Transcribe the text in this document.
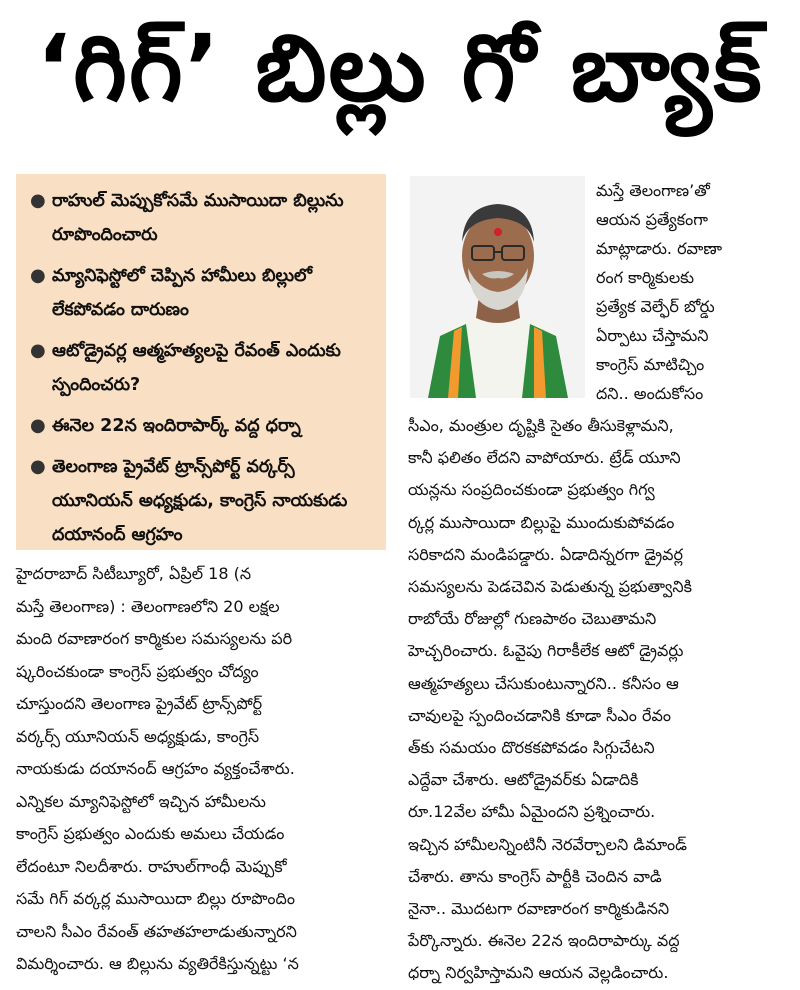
‘గిగ్’ బిల్లు గో బ్యాక్
● రాహుల్ మెప్పుకోసమే ముసాయిదా బిల్లును రూపొందించారు
● మ్యానిఫెస్టోలో చెప్పిన హామీలు బిల్లులో లేకపోవడం దారుణం
● ఆటోడ్రైవర్ల ఆత్మహత్యలపై రేవంత్ ఎందుకు స్పందించరు?
● ఈనెల 22న ఇందిరాపార్క్ వద్ద ధర్నా
● తెలంగాణ ప్రైవేట్ ట్రాన్స్‌పోర్ట్ వర్కర్స్ యూనియన్ అధ్యక్షుడు, కాంగ్రెస్ నాయకుడు దయానంద్ ఆగ్రహం
హైదరాబాద్ సిటీబ్యూరో, ఏప్రిల్ 18 (న
మస్తే తెలంగాణ) : తెలంగాణలోని 20 లక్షల
మంది రవాణారంగ కార్మికుల సమస్యలను పరి
ష్కరించకుండా కాంగ్రెస్ ప్రభుత్వం చోద్యం
చూస్తుందని తెలంగాణ ప్రైవేట్ ట్రాన్స్‌పోర్ట్
వర్కర్స్ యూనియన్ అధ్యక్షుడు, కాంగ్రెస్
నాయకుడు దయానంద్ ఆగ్రహం వ్యక్తంచేశారు.
ఎన్నికల మ్యానిఫెస్టోలో ఇచ్చిన హామీలను
కాంగ్రెస్ ప్రభుత్వం ఎందుకు అమలు చేయడం
లేదంటూ నిలదీశారు. రాహుల్‌గాంధీ మెప్పుకో
సమే గిగ్ వర్కర్ల ముసాయిదా బిల్లు రూపొందిం
చాలని సీఎం రేవంత్ తహతహలాడుతున్నారని
విమర్శించారు. ఆ బిల్లును వ్యతిరేకిస్తున్నట్టు ‘న
మస్తే తెలంగాణ’తో
ఆయన ప్రత్యేకంగా
మాట్లాడారు. రవాణా
రంగ కార్మికులకు
ప్రత్యేక వెల్ఫేర్ బోర్డు
ఏర్పాటు చేస్తామని
కాంగ్రెస్ మాటిచ్చిం
దని.. అందుకోసం
సీఎం, మంత్రుల దృష్టికి సైతం తీసుకెళ్లామని,
కానీ ఫలితం లేదని వాపోయారు. ట్రేడ్ యూని
యన్లను సంప్రదించకుండా ప్రభుత్వం గిగ్వ
ర్కర్ల ముసాయిదా బిల్లుపై ముందుకుపోవడం
సరికాదని మండిపడ్డారు. ఏడాదిన్నరగా డ్రైవర్ల
సమస్యలను పెడచెవిన పెడుతున్న ప్రభుత్వానికి
రాబోయే రోజుల్లో గుణపాఠం చెబుతామని
హెచ్చరించారు. ఓవైపు గిరాకీలేక ఆటో డ్రైవర్లు
ఆత్మహత్యలు చేసుకుంటున్నారని.. కనీసం ఆ
చావులపై స్పందించడానికి కూడా సీఎం రేవం
త్‌కు సమయం దొరకకపోవడం సిగ్గుచేటని
ఎద్దేవా చేశారు. ఆటోడ్రైవర్‌కు ఏడాదికి
రూ.12వేల హామీ ఏమైందని ప్రశ్నించారు.
ఇచ్చిన హామీలన్నింటినీ నెరవేర్చాలని డిమాండ్
చేశారు. తాను కాంగ్రెస్ పార్టీకి చెందిన వాడి
నైనా.. మొదటగా రవాణారంగ కార్మికుడినని
పేర్కొన్నారు. ఈనెల 22న ఇందిరాపార్కు వద్ద
ధర్నా నిర్వహిస్తామని ఆయన వెల్లడించారు.
